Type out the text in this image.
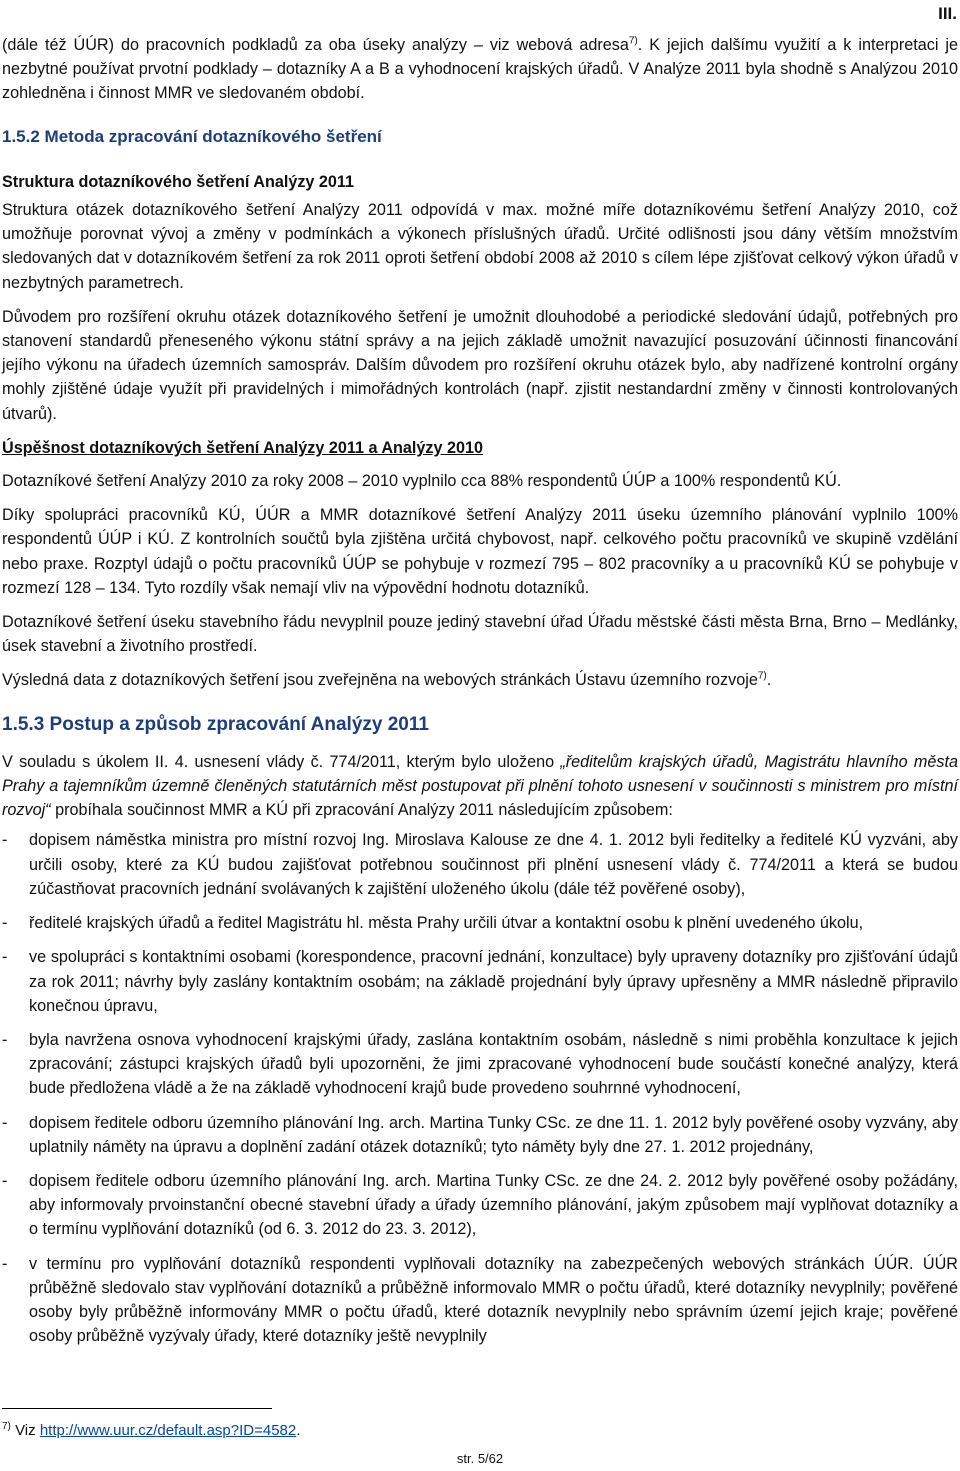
III.

(dále též ÚÚR) do pracovních podkladů za oba úseky analýzy – viz webová adresa$^{7)}$. K jejich dalšímu využití a k interpretaci je nezbytné používat prvotní podklady – dotazníky A a B a vyhodnocení krajských úřadů. V Analýze 2011 byla shodně s Analýzou 2010 zohledněna i činnost MMR ve sledovaném období.

1.5.2 Metoda zpracování dotazníkového šetření
Struktura dotazníkového šetření Analýzy 2011

Struktura otázek dotazníkového šetření Analýzy 2011 odpovídá v max. možné míře dotazníkovému šetření Analýzy 2010, což umožňuje porovnat vývoj a změny v podmínkách a výkonech příslušných úřadů. Určité odlišnosti jsou dány větším množstvím sledovaných dat v dotazníkovém šetření za rok 2011 oproti šetření období 2008 až 2010 s cílem lépe zjišťovat celkový výkon úřadů v nezbytných parametrech.

Důvodem pro rozšíření okruhu otázek dotazníkového šetření je umožnit dlouhodobé a periodické sledování údajů, potřebných pro stanovení standardů přeneseného výkonu státní správy a na jejich základě umožnit navazující posuzování účinnosti financování jejího výkonu na úřadech územních samospráv. Dalším důvodem pro rozšíření okruhu otázek bylo, aby nadřízené kontrolní orgány mohly zjištěné údaje využít při pravidelných i mimořádných kontrolách (např. zjistit nestandardní změny v činnosti kontrolovaných útvarů).

Úspěšnost dotazníkových šetření Analýzy 2011 a Analýzy 2010

Dotazníkové šetření Analýzy 2010 za roky 2008 – 2010 vyplnilo cca 88% respondentů ÚÚP a 100% respondentů KÚ.

Díky spolupráci pracovníků KÚ, ÚÚR a MMR dotazníkové šetření Analýzy 2011 úseku územního plánování vyplnilo 100% respondentů ÚÚP i KÚ. Z kontrolních součtů byla zjištěna určitá chybovost, např. celkového počtu pracovníků ve skupině vzdělání nebo praxe. Rozptyl údajů o počtu pracovníků ÚÚP se pohybuje v rozmezí 795 – 802 pracovníky a u pracovníků KÚ se pohybuje v rozmezí 128 – 134. Tyto rozdíly však nemají vliv na výpovědní hodnotu dotazníků.

Dotazníkové šetření úseku stavebního řádu nevyplnil pouze jediný stavební úřad Úřadu městské části města Brna, Brno – Medlánky, úsek stavební a životního prostředí.

Výsledná data z dotazníkových šetření jsou zveřejněna na webových stránkách Ústavu územního rozvoje$^{7)}$.

1.5.3 Postup a způsob zpracování Analýzy 2011

V souladu s úkolem II. 4. usnesení vlády č. 774/2011, kterým bylo uloženo „ředitelům krajských úřadů, Magistrátu hlavního města Prahy a tajemníkům územně členěných statutárních měst postupovat při plnění tohoto usnesení v součinnosti s ministrem pro místní rozvoj“ probíhala součinnost MMR a KÚ při zpracování Analýzy 2011 následujícím způsobem:

- dopisem náměstka ministra pro místní rozvoj Ing. Miroslava Kalouse ze dne 4. 1. 2012 byli ředitelky a ředitelé KÚ vyzváni, aby určili osoby, které za KÚ budou zajišťovat potřebnou součinnost při plnění usnesení vlády č. 774/2011 a která se budou zúčastňovat pracovních jednání svolávaných k zajištění uloženého úkolu (dále též pověřené osoby),
- ředitelé krajských úřadů a ředitel Magistrátu hl. města Prahy určili útvar a kontaktní osobu k plnění uvedeného úkolu,
- ve spolupráci s kontaktními osobami (korespondence, pracovní jednání, konzultace) byly upraveny dotazníky pro zjišťování údajů za rok 2011; návrhy byly zaslány kontaktním osobám; na základě projednání byly úpravy upřesněny a MMR následně připravilo konečnou úpravu,
- byla navržena osnova vyhodnocení krajskými úřady, zaslána kontaktním osobám, následně s nimi proběhla konzultace k jejich zpracování; zástupci krajských úřadů byli upozorněni, že jimi zpracované vyhodnocení bude součástí konečné analýzy, která bude předložena vládě a že na základě vyhodnocení krajů bude provedeno souhrnné vyhodnocení,
- dopisem ředitele odboru územního plánování Ing. arch. Martina Tunky CSc. ze dne 11. 1. 2012 byly pověřené osoby vyzvány, aby uplatnily náměty na úpravu a doplnění zadání otázek dotazníků; tyto náměty byly dne 27. 1. 2012 projednány,
- dopisem ředitele odboru územního plánování Ing. arch. Martina Tunky CSc. ze dne 24. 2. 2012 byly pověřené osoby požádány, aby informovaly prvoinstanční obecné stavební úřady a úřady územního plánování, jakým způsobem mají vyplňovat dotazníky a o termínu vyplňování dotazníků (od 6. 3. 2012 do 23. 3. 2012),
- v termínu pro vyplňování dotazníků respondenti vyplňovali dotazníky na zabezpečených webových stránkách ÚÚR. ÚÚR průběžně sledovalo stav vyplňování dotazníků a průběžně informovalo MMR o počtu úřadů, které dotazníky nevyplnily; pověřené osoby byly průběžně informovány MMR o počtu úřadů, které dotazník nevyplnily nebo správním území jejich kraje; pověřené osoby průběžně vyzývaly úřady, které dotazníky ještě nevyplnily
$^{7)}$ Viz http://www.uur.cz/default.asp?ID=4582.
str. 5/62
